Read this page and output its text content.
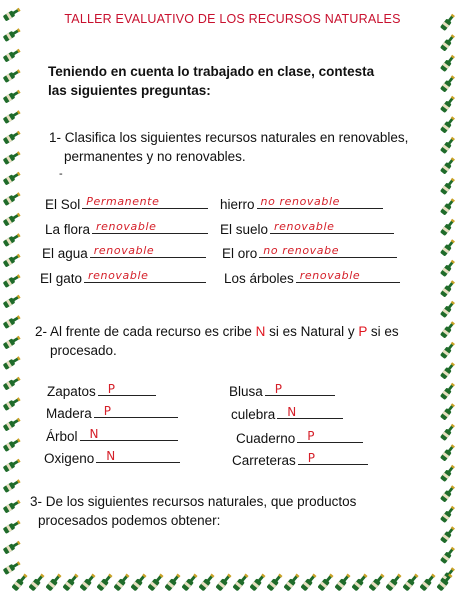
TALLER EVALUATIVO DE LOS RECURSOS NATURALES
Teniendo en cuenta lo trabajado en clase, contesta las siguientes preguntas:
1- Clasifica los siguientes recursos naturales en renovables,
permanentes y no renovables.
-
El Sol Permanente	hierro no renovable
La flora renovable	El suelo renovable
El agua renovable	El oro no renovabe
El gato renovable	Los árboles renovable
2- Al frente de cada recurso es cribe N si es Natural y P si es
procesado.
Zapatos P	Blusa P
Madera P	culebra N
Árbol N	Cuaderno P
Oxigeno N	Carreteras P
3- De los siguientes recursos naturales, que productos
procesados podemos obtener:
